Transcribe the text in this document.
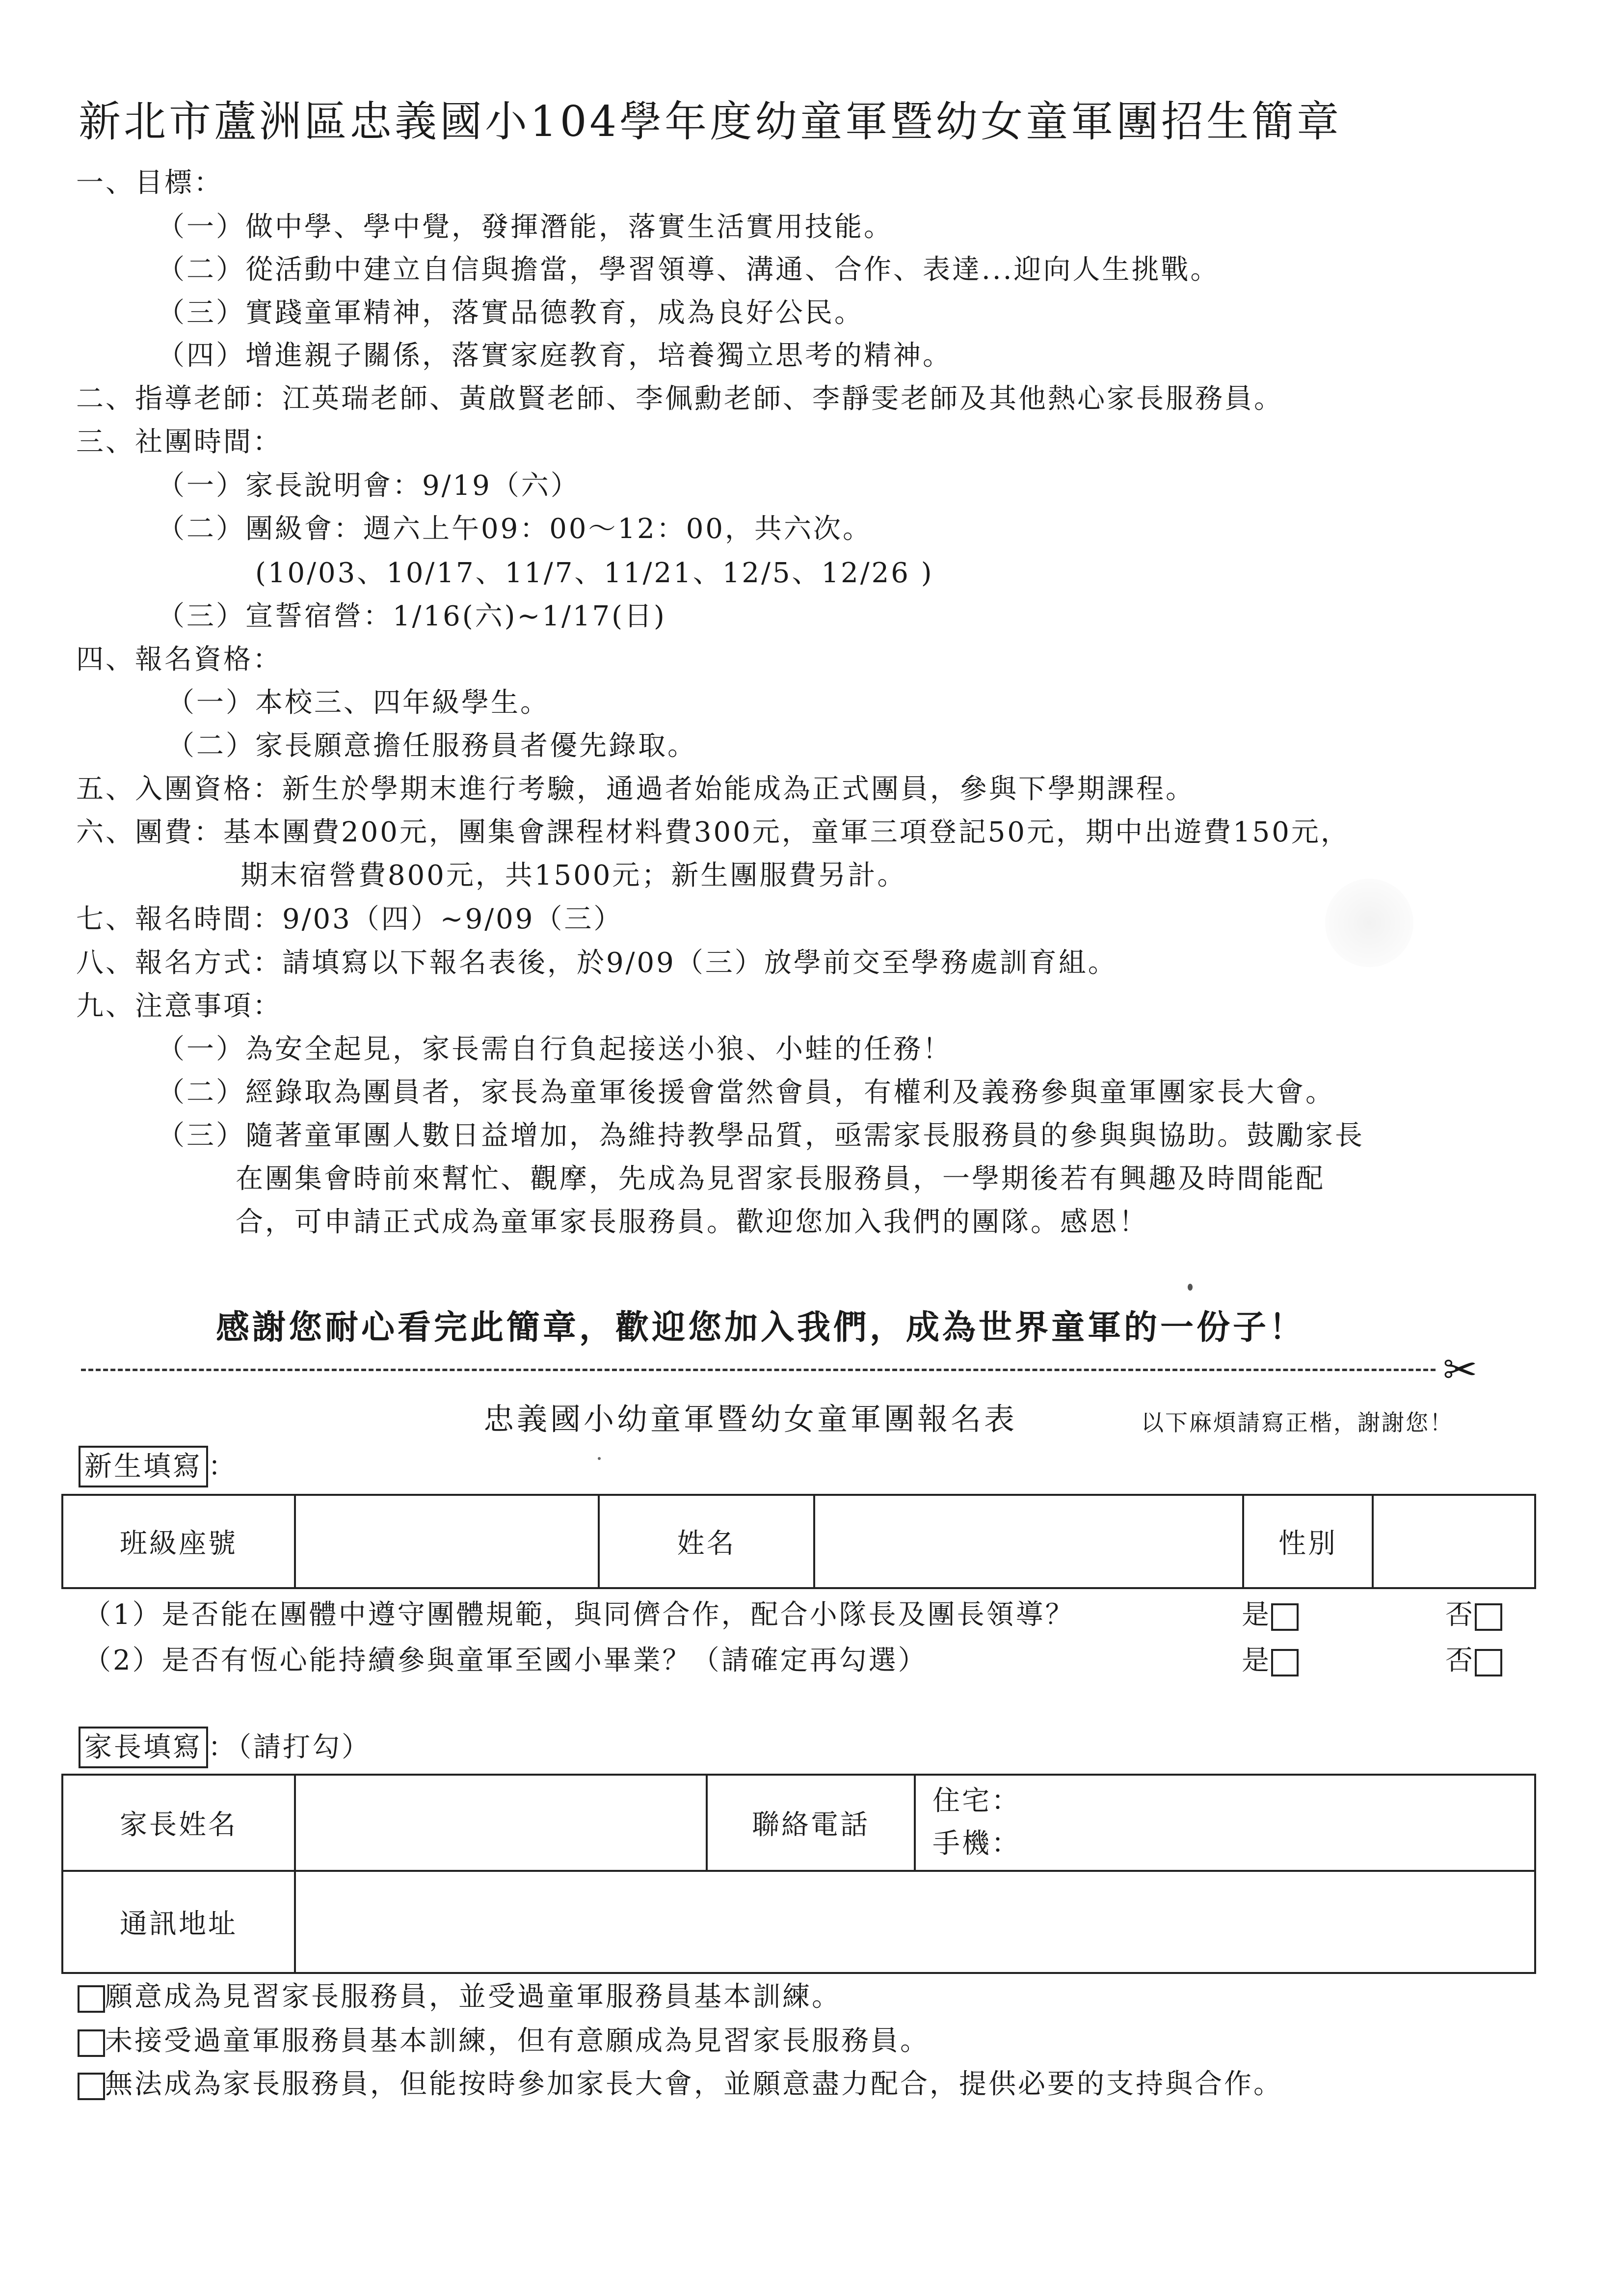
新北市蘆洲區忠義國小104學年度幼童軍暨幼女童軍團招生簡章
一、目標：
（一）做中學、學中覺，發揮潛能，落實生活實用技能。
（二）從活動中建立自信與擔當，學習領導、溝通、合作、表達...迎向人生挑戰。
（三）實踐童軍精神，落實品德教育，成為良好公民。
（四）增進親子關係，落實家庭教育，培養獨立思考的精神。
二、指導老師：江英瑞老師、黃啟賢老師、李佩勳老師、李靜雯老師及其他熱心家長服務員。
三、社團時間：
（一）家長說明會：9/19（六）
（二）團級會：週六上午09：00～12：00，共六次。
(10/03、10/17、11/7、11/21、12/5、12/26 )
（三）宣誓宿營：1/16(六)~1/17(日)
四、報名資格：
（一）本校三、四年級學生。
（二）家長願意擔任服務員者優先錄取。
五、入團資格：新生於學期末進行考驗，通過者始能成為正式團員，參與下學期課程。
六、團費：基本團費200元，團集會課程材料費300元，童軍三項登記50元，期中出遊費150元，
期末宿營費800元，共1500元；新生團服費另計。
七、報名時間：9/03（四）~9/09（三）
八、報名方式：請填寫以下報名表後，於9/09（三）放學前交至學務處訓育組。
九、注意事項：
（一）為安全起見，家長需自行負起接送小狼、小蛙的任務！
（二）經錄取為團員者，家長為童軍後援會當然會員，有權利及義務參與童軍團家長大會。
（三）隨著童軍團人數日益增加，為維持教學品質，亟需家長服務員的參與與協助。鼓勵家長
在團集會時前來幫忙、觀摩，先成為見習家長服務員，一學期後若有興趣及時間能配
合，可申請正式成為童軍家長服務員。歡迎您加入我們的團隊。感恩！
感謝您耐心看完此簡章，歡迎您加入我們，成為世界童軍的一份子！
✂
忠義國小幼童軍暨幼女童軍團報名表	以下麻煩請寫正楷，謝謝您！
新生填寫 ：
班級座號		姓名		性別	
（1）是否能在團體中遵守團體規範，與同儕合作，配合小隊長及團長領導？	是	否
（2）是否有恆心能持續參與童軍至國小畢業？（請確定再勾選）	是	否
家長填寫 ：（請打勾）
家長姓名		聯絡電話	住宅：
手機：

通訊地址			
願意成為見習家長服務員，並受過童軍服務員基本訓練。
未接受過童軍服務員基本訓練，但有意願成為見習家長服務員。
無法成為家長服務員，但能按時參加家長大會，並願意盡力配合，提供必要的支持與合作。
